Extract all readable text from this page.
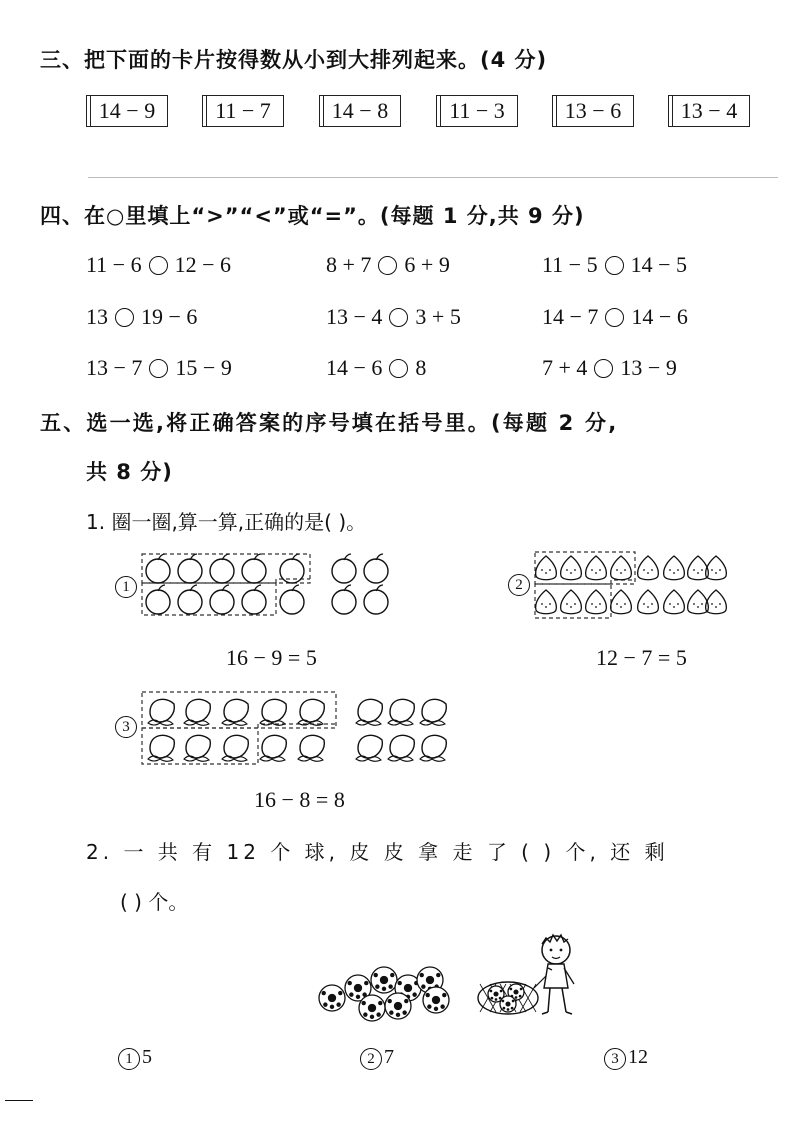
三、把下面的卡片按得数从小到大排列起来。(4 分)
14 − 9	11 − 7	14 − 8	11 − 3	13 − 6	13 − 4
四、在○里填上“>”“<”或“=”。(每题 1 分,共 9 分)
11 − 6 12 − 6	8 + 7 6 + 9	11 − 5 14 − 5
13 19 − 6	13 − 4 3 + 5	14 − 7 14 − 6
13 − 7 15 − 9	14 − 6 8	7 + 4 13 − 9
五、选一选,将正确答案的序号填在括号里。(每题 2 分,
共 8 分)
1. 圈一圈,算一算,正确的是( )。
1
16 − 9 = 5
2
12 − 7 = 5
3
16 − 8 = 8
2. 一 共 有 12 个 球, 皮 皮 拿 走 了 ( ) 个, 还 剩
( ) 个。
1 5	2 7	3 12
